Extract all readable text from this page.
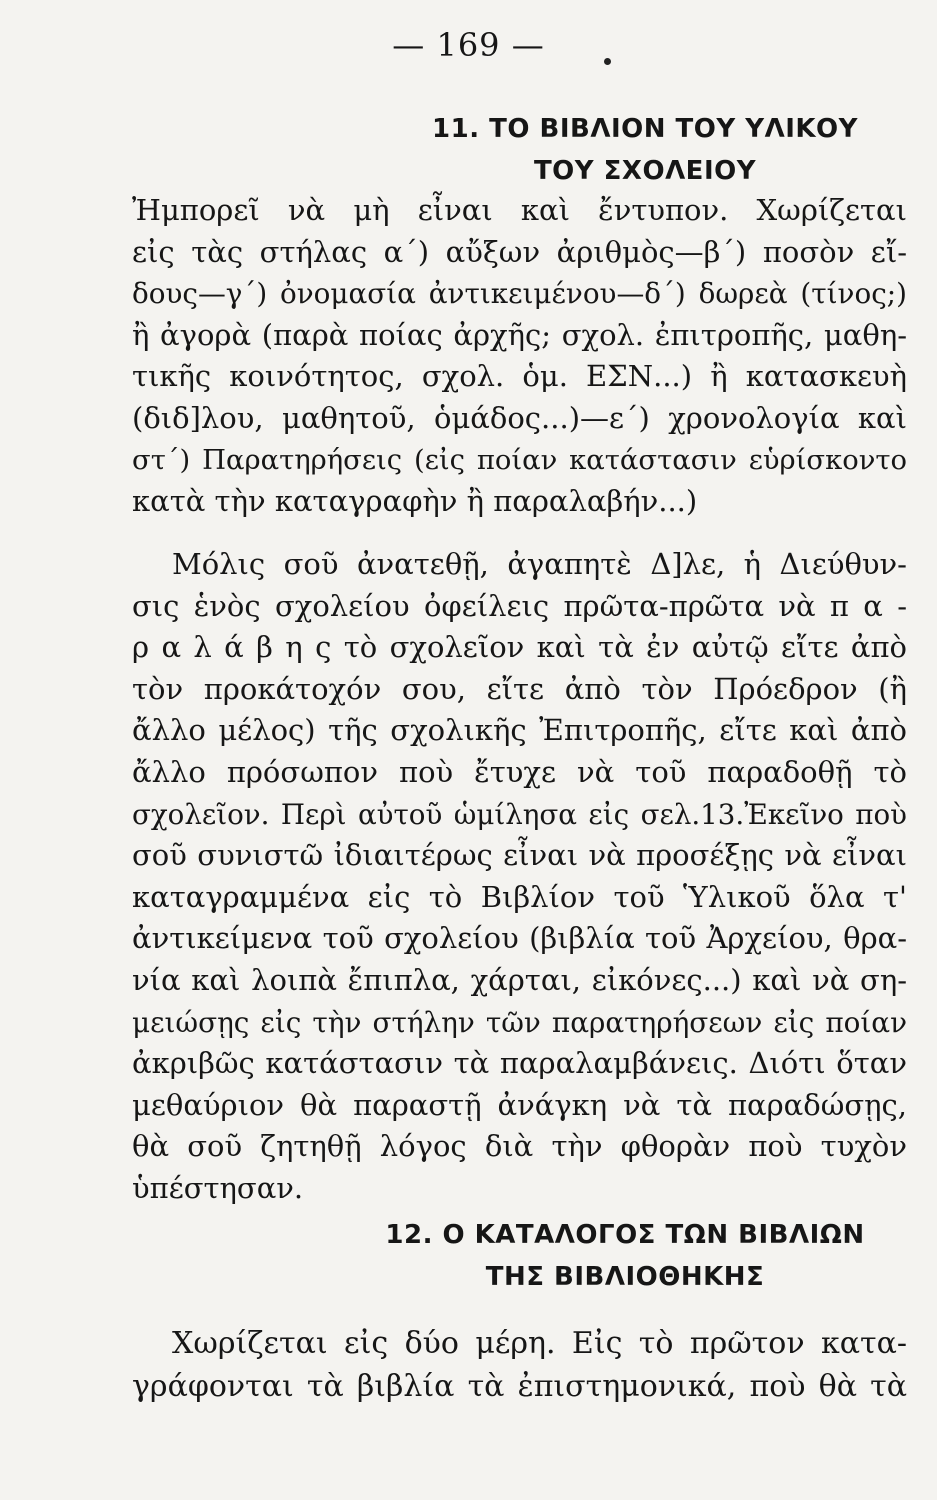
— 169 —
11. ΤΟ ΒΙΒΛΙΟΝ ΤΟΥ ΥΛΙΚΟΥ
ΤΟΥ ΣΧΟΛΕΙΟΥ
Ἠμπορεῖ νὰ μὴ εἶναι καὶ ἔντυπον. Χωρίζεται
εἰς τὰς στήλας α΄) αὔξων ἀριθμὸς—β΄) ποσὸν εἴ-
δους—γ΄) ὀνομασία ἀντικειμένου—δ΄) δωρεὰ (τίνος;)
ἢ ἀγορὰ (παρὰ ποίας ἀρχῆς; σχολ. ἐπιτροπῆς, μαθη-
τικῆς κοινότητος, σχολ. ὁμ. ΕΣΝ...) ἢ κατασκευὴ
(διδ]λου, μαθητοῦ, ὁμάδος...)—ε΄) χρονολογία καὶ
στ΄) Παρατηρήσεις (εἰς ποίαν κατάστασιν εὑρίσκοντο
κατὰ τὴν καταγραφὴν ἢ παραλαβήν...)
Μόλις σοῦ ἀνατεθῇ, ἀγαπητὲ Δ]λε, ἡ Διεύθυν-
σις ἑνὸς σχολείου ὀφείλεις πρῶτα-πρῶτα νὰ π α -
ρ α λ ά β η ς τὸ σχολεῖον καὶ τὰ ἐν αὐτῷ εἴτε ἀπὸ
τὸν προκάτοχόν σου, εἴτε ἀπὸ τὸν Πρόεδρον (ἢ
ἄλλο μέλος) τῆς σχολικῆς Ἐπιτροπῆς, εἴτε καὶ ἀπὸ
ἄλλο πρόσωπον ποὺ ἔτυχε νὰ τοῦ παραδοθῇ τὸ
σχολεῖον. Περὶ αὐτοῦ ὡμίλησα εἰς σελ.13.Ἐκεῖνο ποὺ
σοῦ συνιστῶ ἰδιαιτέρως εἶναι νὰ προσέξῃς νὰ εἶναι
καταγραμμένα εἰς τὸ Βιβλίον τοῦ Ὑλικοῦ ὅλα τ'
ἀντικείμενα τοῦ σχολείου (βιβλία τοῦ Ἀρχείου, θρα-
νία καὶ λοιπὰ ἔπιπλα, χάρται, εἰκόνες...) καὶ νὰ ση-
μειώσῃς εἰς τὴν στήλην τῶν παρατηρήσεων εἰς ποίαν
ἀκριβῶς κατάστασιν τὰ παραλαμβάνεις. Διότι ὅταν
μεθαύριον θὰ παραστῇ ἀνάγκη νὰ τὰ παραδώσῃς,
θὰ σοῦ ζητηθῇ λόγος διὰ τὴν φθορὰν ποὺ τυχὸν
ὑπέστησαν.
12. Ο ΚΑΤΑΛΟΓΟΣ ΤΩΝ ΒΙΒΛΙΩΝ
ΤΗΣ ΒΙΒΛΙΟΘΗΚΗΣ
Χωρίζεται εἰς δύο μέρη. Εἰς τὸ πρῶτον κατα-
γράφονται τὰ βιβλία τὰ ἐπιστημονικά, ποὺ θὰ τὰ
